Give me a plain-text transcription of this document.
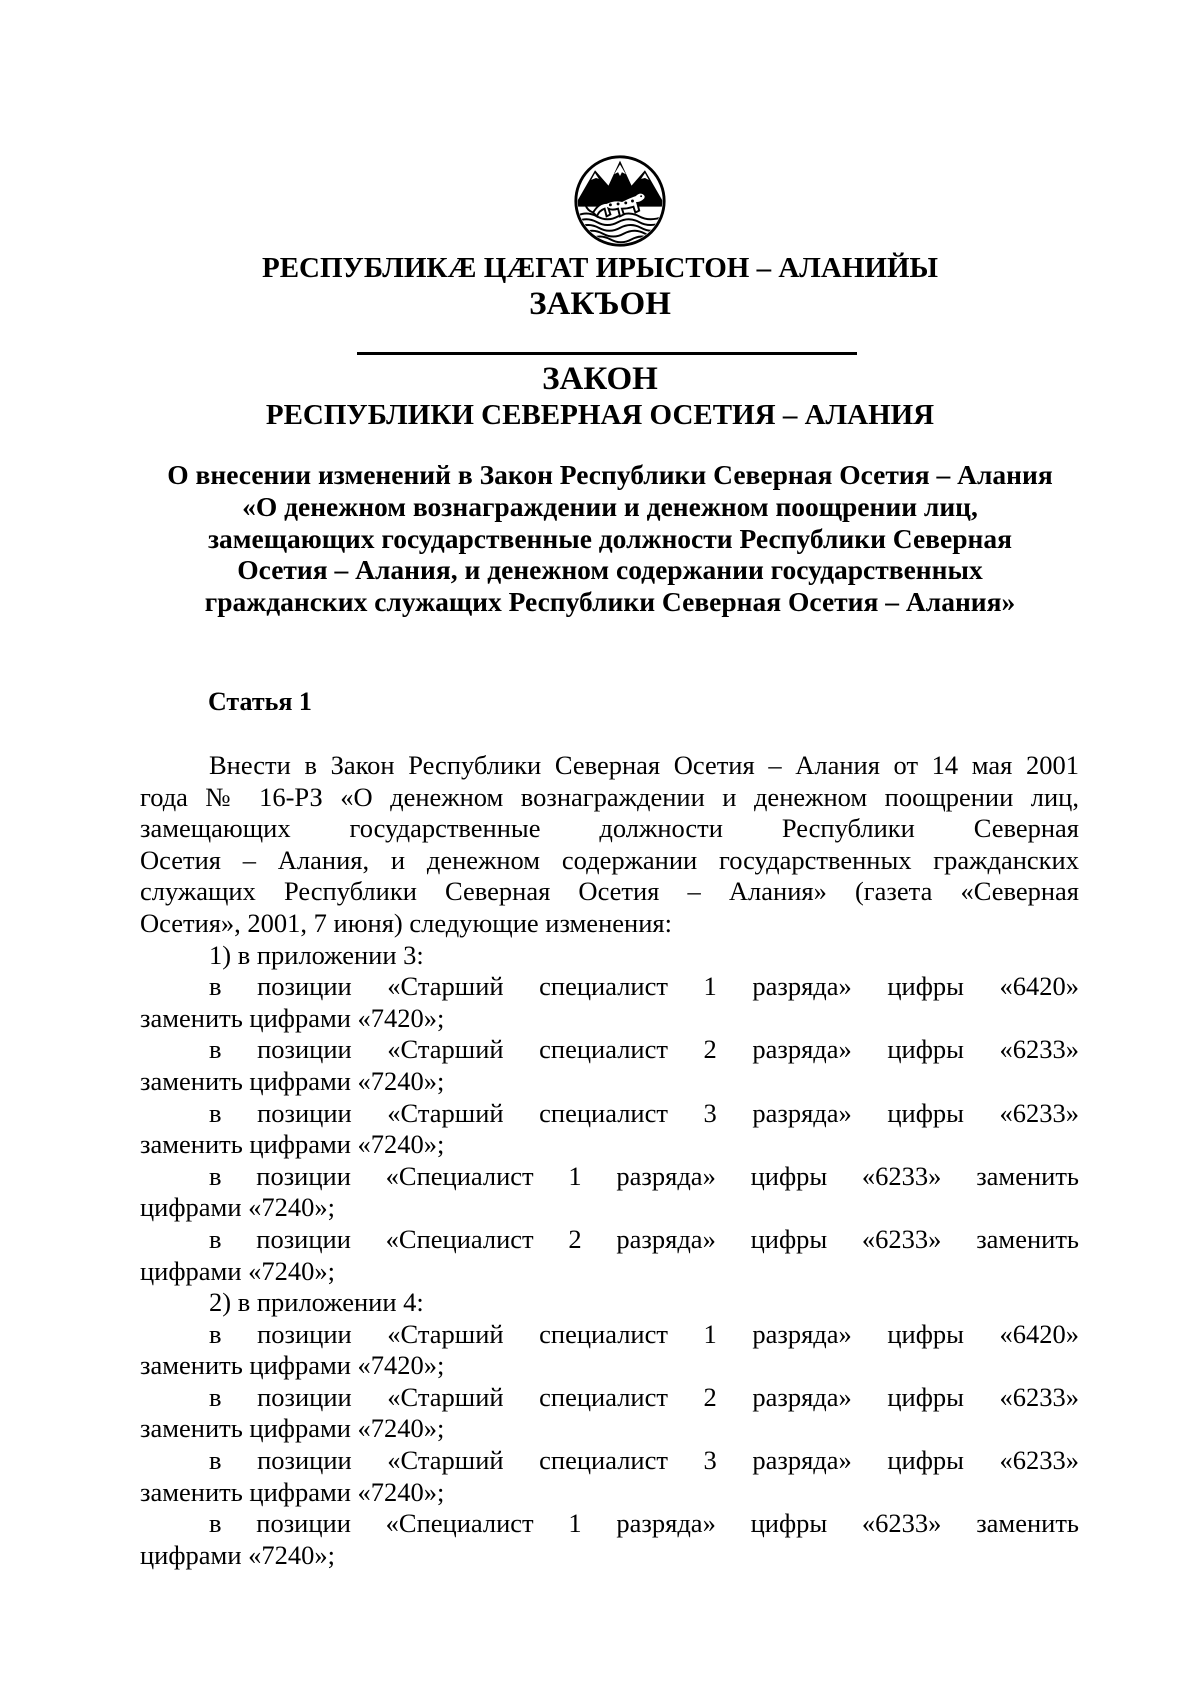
РЕСПУБЛИКÆ ЦÆГАТ ИРЫСТОН – АЛАНИЙЫ
ЗАКЪОН
ЗАКОН
РЕСПУБЛИКИ СЕВЕРНАЯ ОСЕТИЯ – АЛАНИЯ
О внесении изменений в Закон Республики Северная Осетия – Алания
«О денежном вознаграждении и денежном поощрении лиц,
замещающих государственные должности Республики Северная
Осетия – Алания, и денежном содержании государственных
гражданских служащих Республики Северная Осетия – Алания»
Статья 1
Внести в Закон Республики Северная Осетия – Алания от 14 мая 2001
года № 16-РЗ «О денежном вознаграждении и денежном поощрении лиц,
замещающих государственные должности Республики Северная
Осетия – Алания, и денежном содержании государственных гражданских
служащих Республики Северная Осетия – Алания» (газета «Северная
Осетия», 2001, 7 июня) следующие изменения:
1) в приложении 3:
в позиции «Старший специалист 1 разряда» цифры «6420»
заменить цифрами «7420»;
в позиции «Старший специалист 2 разряда» цифры «6233»
заменить цифрами «7240»;
в позиции «Старший специалист 3 разряда» цифры «6233»
заменить цифрами «7240»;
в позиции «Специалист 1 разряда» цифры «6233» заменить
цифрами «7240»;
в позиции «Специалист 2 разряда» цифры «6233» заменить
цифрами «7240»;
2) в приложении 4:
в позиции «Старший специалист 1 разряда» цифры «6420»
заменить цифрами «7420»;
в позиции «Старший специалист 2 разряда» цифры «6233»
заменить цифрами «7240»;
в позиции «Старший специалист 3 разряда» цифры «6233»
заменить цифрами «7240»;
в позиции «Специалист 1 разряда» цифры «6233» заменить
цифрами «7240»;
